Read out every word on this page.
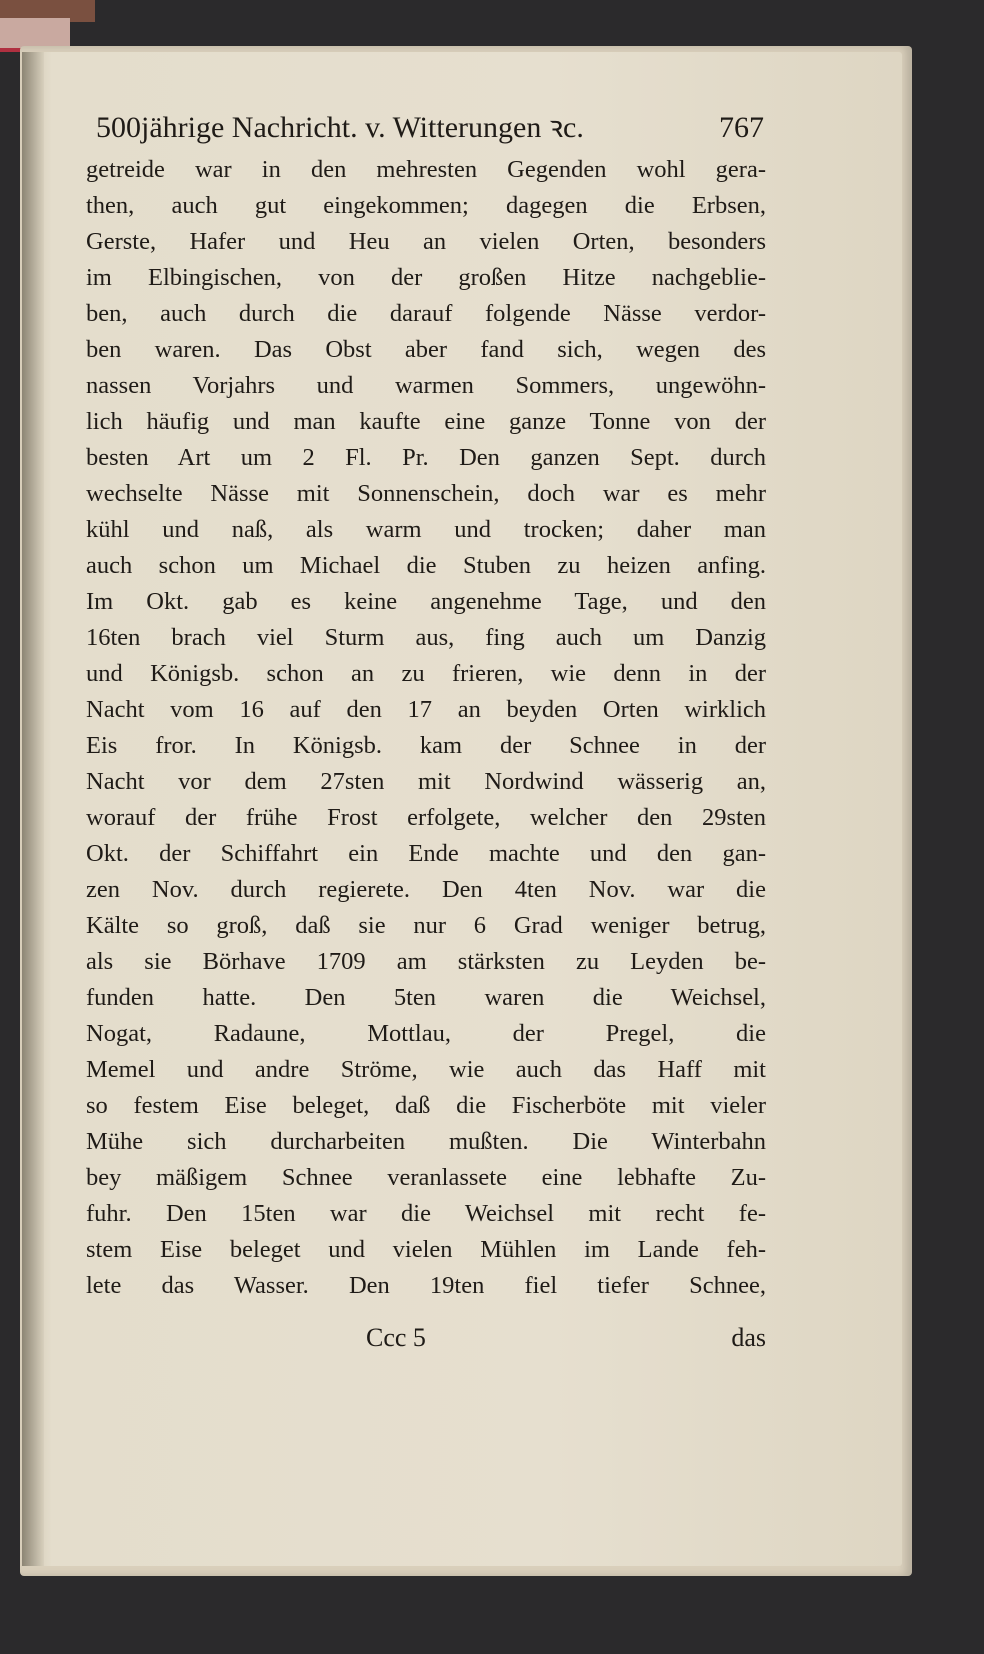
500jährige Nachricht. v. Witterungen ꝛc.	767
getreide war in den mehresten Gegenden wohl gera-
then, auch gut eingekommen; dagegen die Erbsen,
Gerste, Hafer und Heu an vielen Orten, besonders
im Elbingischen, von der großen Hitze nachgeblie-
ben, auch durch die darauf folgende Nässe verdor-
ben waren. Das Obst aber fand sich, wegen des
nassen Vorjahrs und warmen Sommers, ungewöhn-
lich häufig und man kaufte eine ganze Tonne von der
besten Art um 2 Fl. Pr. Den ganzen Sept. durch
wechselte Nässe mit Sonnenschein, doch war es mehr
kühl und naß, als warm und trocken; daher man
auch schon um Michael die Stuben zu heizen anfing.
Im Okt. gab es keine angenehme Tage, und den
16ten brach viel Sturm aus, fing auch um Danzig
und Königsb. schon an zu frieren, wie denn in der
Nacht vom 16 auf den 17 an beyden Orten wirklich
Eis fror. In Königsb. kam der Schnee in der
Nacht vor dem 27sten mit Nordwind wässerig an,
worauf der frühe Frost erfolgete, welcher den 29sten
Okt. der Schiffahrt ein Ende machte und den gan-
zen Nov. durch regierete. Den 4ten Nov. war die
Kälte so groß, daß sie nur 6 Grad weniger betrug,
als sie Börhave 1709 am stärksten zu Leyden be-
funden hatte. Den 5ten waren die Weichsel,
Nogat, Radaune, Mottlau, der Pregel, die
Memel und andre Ströme, wie auch das Haff mit
so festem Eise beleget, daß die Fischerböte mit vieler
Mühe sich durcharbeiten mußten. Die Winterbahn
bey mäßigem Schnee veranlassete eine lebhafte Zu-
fuhr. Den 15ten war die Weichsel mit recht fe-
stem Eise beleget und vielen Mühlen im Lande feh-
lete das Wasser. Den 19ten fiel tiefer Schnee,
Ccc 5	das
